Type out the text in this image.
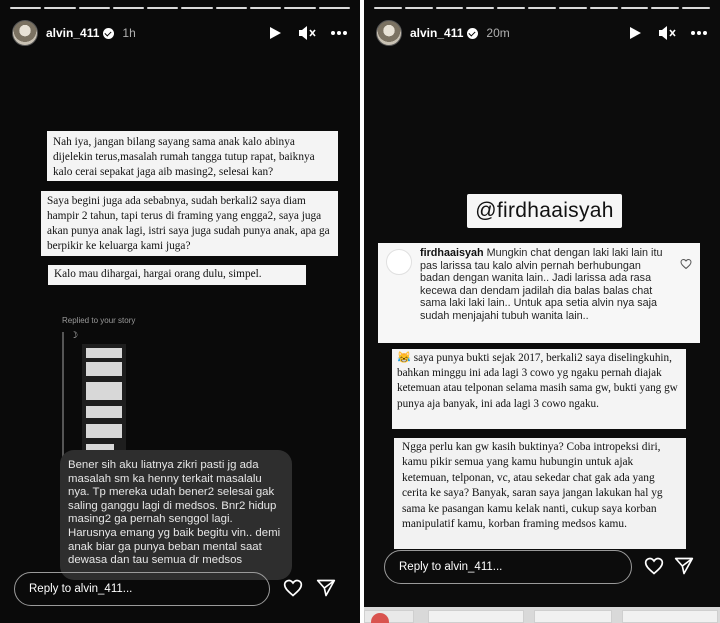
alvin_411 1h
Nah iya, jangan bilang sayang sama anak kalo abinya dijelekin terus,masalah rumah tangga tutup rapat, baiknya kalo cerai sepakat jaga aib masing2, selesai kan?
Saya begini juga ada sebabnya, sudah berkali2 saya diam hampir 2 tahun, tapi terus di framing yang engga2, saya juga akan punya anak lagi, istri saya juga sudah punya anak, apa ga berpikir ke keluarga kami juga?
Kalo mau dihargai, hargai orang dulu, simpel.
Replied to your story
☽
Bener sih aku liatnya zikri pasti jg ada masalah sm ka henny terkait masalalu nya. Tp mereka udah bener2 selesai gak saling ganggu lagi di medsos. Bnr2 hidup masing2 ga pernah senggol lagi. Harusnya emang yg baik begitu vin.. demi anak biar ga punya beban mental saat dewasa dan tau semua dr medsos
Reply to alvin_411...
alvin_411 20m
@firdhaaisyah
firdhaaisyah Mungkin chat dengan laki laki lain itu pas larissa tau kalo alvin pernah berhubungan badan dengan wanita lain.. Jadi larissa ada rasa kecewa dan dendam jadilah dia balas balas chat sama laki laki lain.. Untuk apa setia alvin nya saja sudah menjajahi tubuh wanita lain..
😹 saya punya bukti sejak 2017, berkali2 saya diselingkuhin, bahkan minggu ini ada lagi 3 cowo yg ngaku pernah diajak ketemuan atau telponan selama masih sama gw, bukti yang gw punya aja banyak, ini ada lagi 3 cowo ngaku.
Ngga perlu kan gw kasih buktinya? Coba intropeksi diri, kamu pikir semua yang kamu hubungin untuk ajak ketemuan, telponan, vc, atau sekedar chat gak ada yang cerita ke saya? Banyak, saran saya jangan lakukan hal yg sama ke pasangan kamu kelak nanti, cukup saya korban manipulatif kamu, korban framing medsos kamu.
Reply to alvin_411...
